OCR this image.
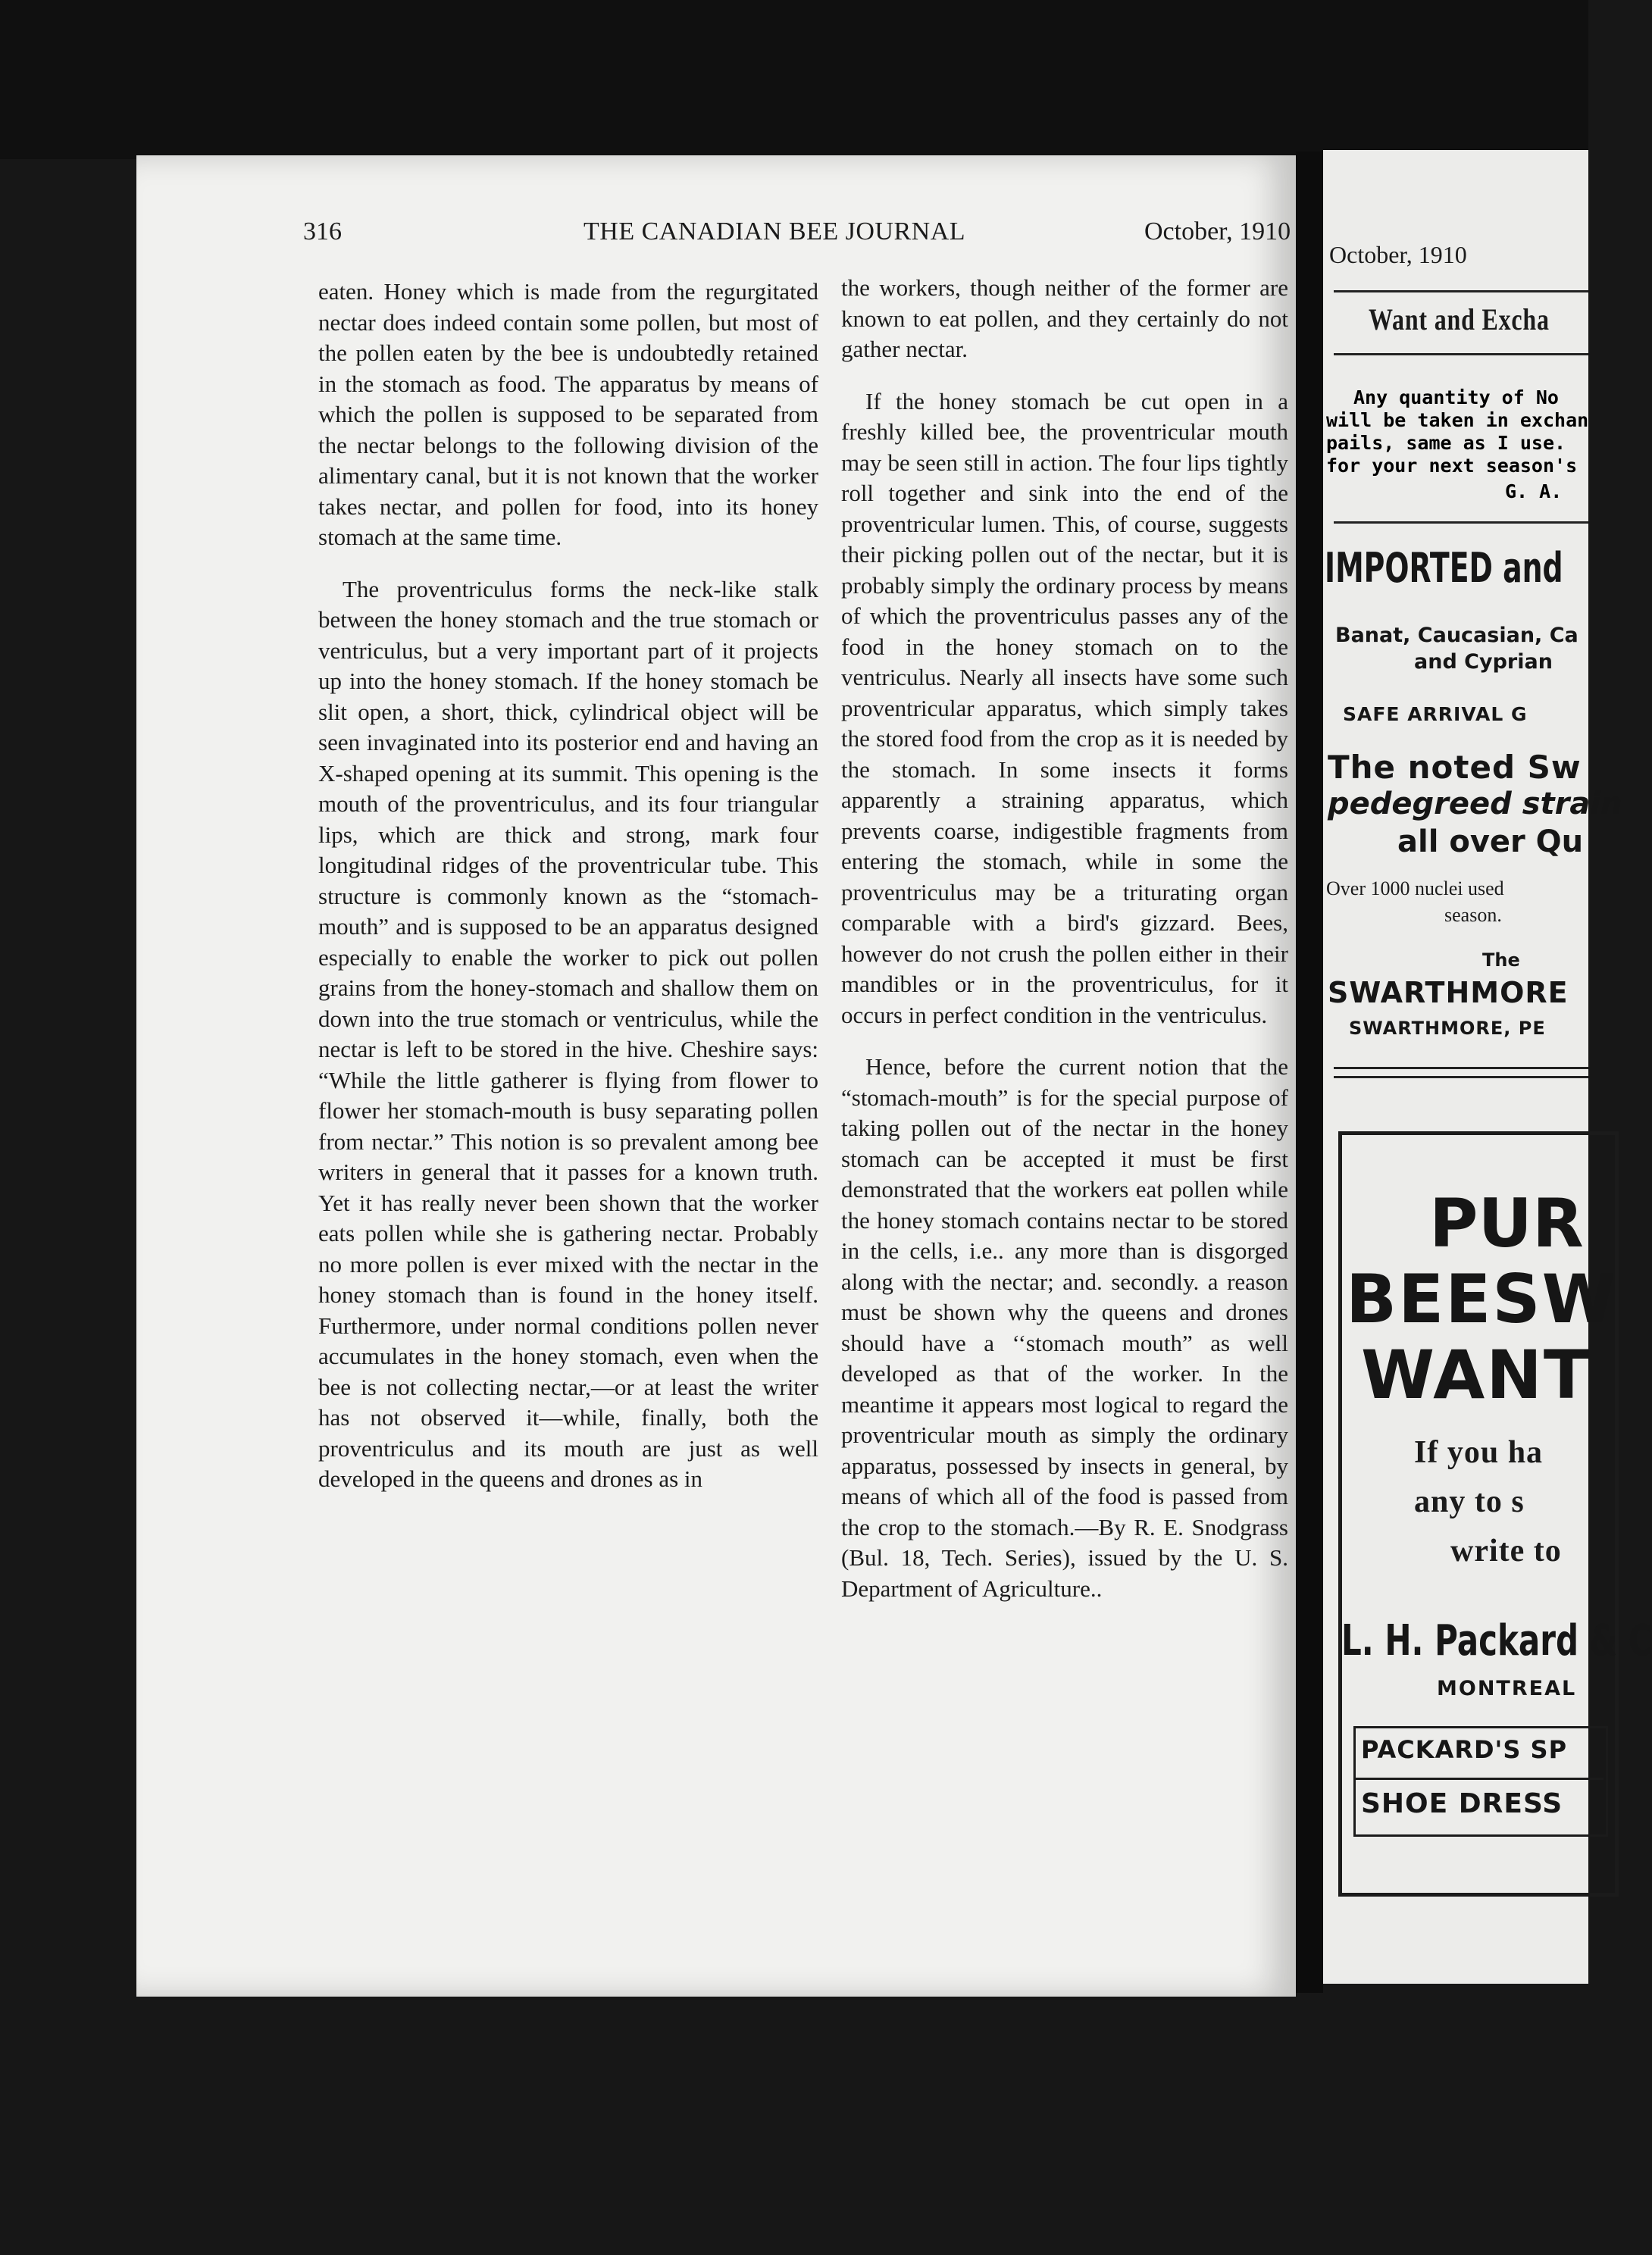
316	THE CANADIAN BEE JOURNAL	October, 1910

eaten. Honey which is made from the regurgitated nectar does indeed contain some pollen, but most of the pollen eaten by the bee is undoubtedly retained in the stomach as food. The apparatus by means of which the pollen is supposed to be separated from the nectar belongs to the following division of the alimentary canal, but it is not known that the worker takes nectar, and pollen for food, into its honey stomach at the same time.

The proventriculus forms the neck-like stalk between the honey stomach and the true stomach or ventriculus, but a very important part of it projects up into the honey stomach. If the honey stomach be slit open, a short, thick, cylindrical object will be seen invaginated into its posterior end and having an X-shaped opening at its summit. This opening is the mouth of the proventriculus, and its four triangular lips, which are thick and strong, mark four longitudinal ridges of the proventricular tube. This structure is commonly known as the “stomach-mouth” and is supposed to be an apparatus designed especially to enable the worker to pick out pollen grains from the honey-stomach and shallow them on down into the true stomach or ventriculus, while the nectar is left to be stored in the hive. Cheshire says: “While the little gatherer is flying from flower to flower her stomach-mouth is busy separating pollen from nectar.” This notion is so prevalent among bee writers in general that it passes for a known truth. Yet it has really never been shown that the worker eats pollen while she is gathering nectar. Probably no more pollen is ever mixed with the nectar in the honey stomach than is found in the honey itself. Furthermore, under normal conditions pollen never accumulates in the honey stomach, even when the bee is not collecting nectar,—or at least the writer has not observed it—while, finally, both the proventriculus and its mouth are just as well developed in the queens and drones as in

the workers, though neither of the former are known to eat pollen, and they certainly do not gather nectar.

If the honey stomach be cut open in a freshly killed bee, the proventricular mouth may be seen still in action. The four lips tightly roll together and sink into the end of the proventricular lumen. This, of course, suggests their picking pollen out of the nectar, but it is probably simply the ordinary process by means of which the proventriculus passes any of the food in the honey stomach on to the ventriculus. Nearly all insects have some such proventricular apparatus, which simply takes the stored food from the crop as it is needed by the stomach. In some insects it forms apparently a straining apparatus, which prevents coarse, indigestible fragments from entering the stomach, while in some the proventriculus may be a triturating organ comparable with a bird's gizzard. Bees, however do not crush the pollen either in their mandibles or in the proventriculus, for it occurs in perfect condition in the ventriculus.

Hence, before the current notion that the “stomach-mouth” is for the special purpose of taking pollen out of the nectar in the honey stomach can be accepted it must be first demonstrated that the workers eat pollen while the honey stomach contains nectar to be stored in the cells, i.e.. any more than is disgorged along with the nectar; and. secondly. a reason must be shown why the queens and drones should have a ‘‘stomach mouth” as well developed as that of the worker. In the meantime it appears most logical to regard the proventricular mouth as simply the ordinary apparatus, possessed by insects in general, by means of which all of the food is passed from the crop to the stomach.—By R. E. Snodgrass (Bul. 18, Tech. Series), issued by the U. S. Department of Agriculture..

October, 1910
Want and Excha
Any quantity of No
will be taken in exchan
pails, same as I use.
for your next season's
G. A.
IMPORTED and
Banat, Caucasian, Ca
and Cyprian
SAFE ARRIVAL G
The noted Sw
pedegreed strain
all over Qu
Over 1000 nuclei used
season.
The
SWARTHMORE
SWARTHMORE, PE
PUR
BEESW
WANT
If you ha
any to s
write to
L. H. Packard & C
MONTREAL
PACKARD'S SP
SHOE DRESS
